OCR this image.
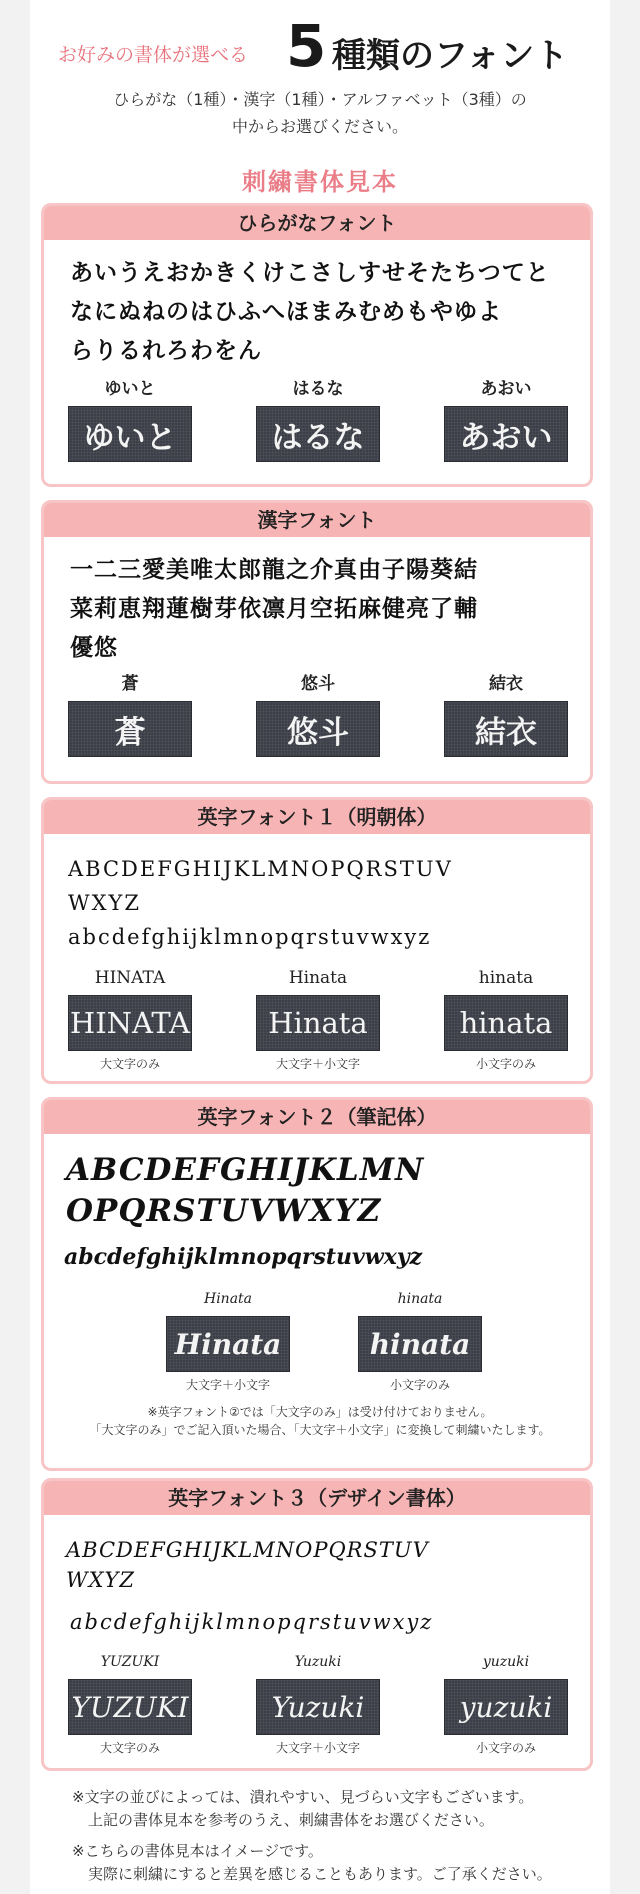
お好みの書体が選べる 5 種類のフォント
ひらがな（1種）・漢字（1種）・アルファベット（3種）の
中からお選びください。
刺繍書体見本
ひらがなフォント
あいうえおかきくけこさしすせそたちつてと
なにぬねのはひふへほまみむめもやゆよ
らりるれろわをん
ゆいと
ゆいと
はるな
はるな
あおい
あおい
漢字フォント
一二三愛美唯太郎龍之介真由子陽葵結
菜莉恵翔蓮樹芽依凛月空拓麻健亮了輔
優悠
蒼
蒼
悠斗
悠斗
結衣
結衣
英字フォント１（明朝体）
ABCDEFGHIJKLMNOPQRSTUV
WXYZ
abcdefghijklmnopqrstuvwxyz
HINATA
HINATA
大文字のみ
Hinata
Hinata
大文字＋小文字
hinata
hinata
小文字のみ
英字フォント２（筆記体）
ABCDEFGHIJKLMN
OPQRSTUVWXYZ
abcdefghijklmnopqrstuvwxyz
Hinata
Hinata
大文字＋小文字
hinata
hinata
小文字のみ
※英字フォント②では「大文字のみ」は受け付けておりません。
「大文字のみ」でご記入頂いた場合、「大文字＋小文字」に変換して刺繍いたします。
英字フォント３（デザイン書体）
ABCDEFGHIJKLMNOPQRSTUV
WXYZ
abcdefghijklmnopqrstuvwxyz
YUZUKI
YUZUKI
大文字のみ
Yuzuki
Yuzuki
大文字＋小文字
yuzuki
yuzuki
小文字のみ
※文字の並びによっては、潰れやすい、見づらい文字もございます。
上記の書体見本を参考のうえ、刺繍書体をお選びください。
※こちらの書体見本はイメージです。
実際に刺繍にすると差異を感じることもあります。ご了承ください。
